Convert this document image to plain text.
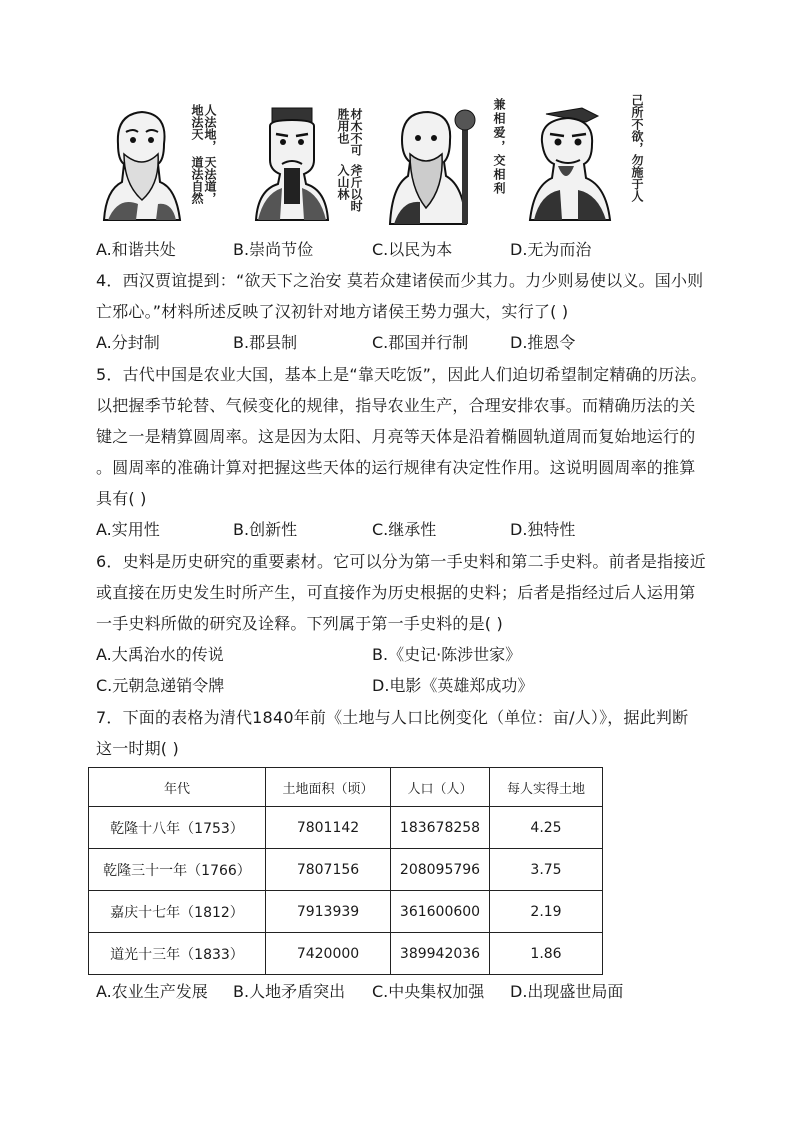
天法道，道法自然
人法地，地法天
斧斤以时入山林
材木不可胜用也	兼相爱，交相利	己所不欲，勿施于人
A.和谐共处	B.崇尚节俭	C.以民为本	D.无为而治
4．西汉贾谊提到：“欲天下之治安 莫若众建诸侯而少其力。力少则易使以义。国小则
亡邪心。”材料所述反映了汉初针对地方诸侯王势力强大，实行了( )
A.分封制	B.郡县制	C.郡国并行制	D.推恩令
5．古代中国是农业大国，基本上是“靠天吃饭”，因此人们迫切希望制定精确的历法。
以把握季节轮替、气候变化的规律，指导农业生产，合理安排农事。而精确历法的关
键之一是精算圆周率。这是因为太阳、月亮等天体是沿着椭圆轨道周而复始地运行的
。圆周率的准确计算对把握这些天体的运行规律有决定性作用。这说明圆周率的推算
具有( )
A.实用性	B.创新性	C.继承性	D.独特性
6．史料是历史研究的重要素材。它可以分为第一手史料和第二手史料。前者是指接近
或直接在历史发生时所产生，可直接作为历史根据的史料；后者是指经过后人运用第
一手史料所做的研究及诠释。下列属于第一手史料的是( )
A.大禹治水的传说	B.《史记·陈涉世家》
C.元朝急递销令牌	D.电影《英雄郑成功》
7．下面的表格为清代1840年前《土地与人口比例变化（单位：亩/人）》，据此判断
这一时期( )
年代	土地面积（顷）	人口（人）	每人实得土地
乾隆十八年（1753）	7801142	183678258	4.25
乾隆三十一年（1766）	7807156	208095796	3.75
嘉庆十七年（1812）	7913939	361600600	2.19
道光十三年（1833）	7420000	389942036	1.86
A.农业生产发展 B.人地矛盾突出 C.中央集权加强 D.出现盛世局面
